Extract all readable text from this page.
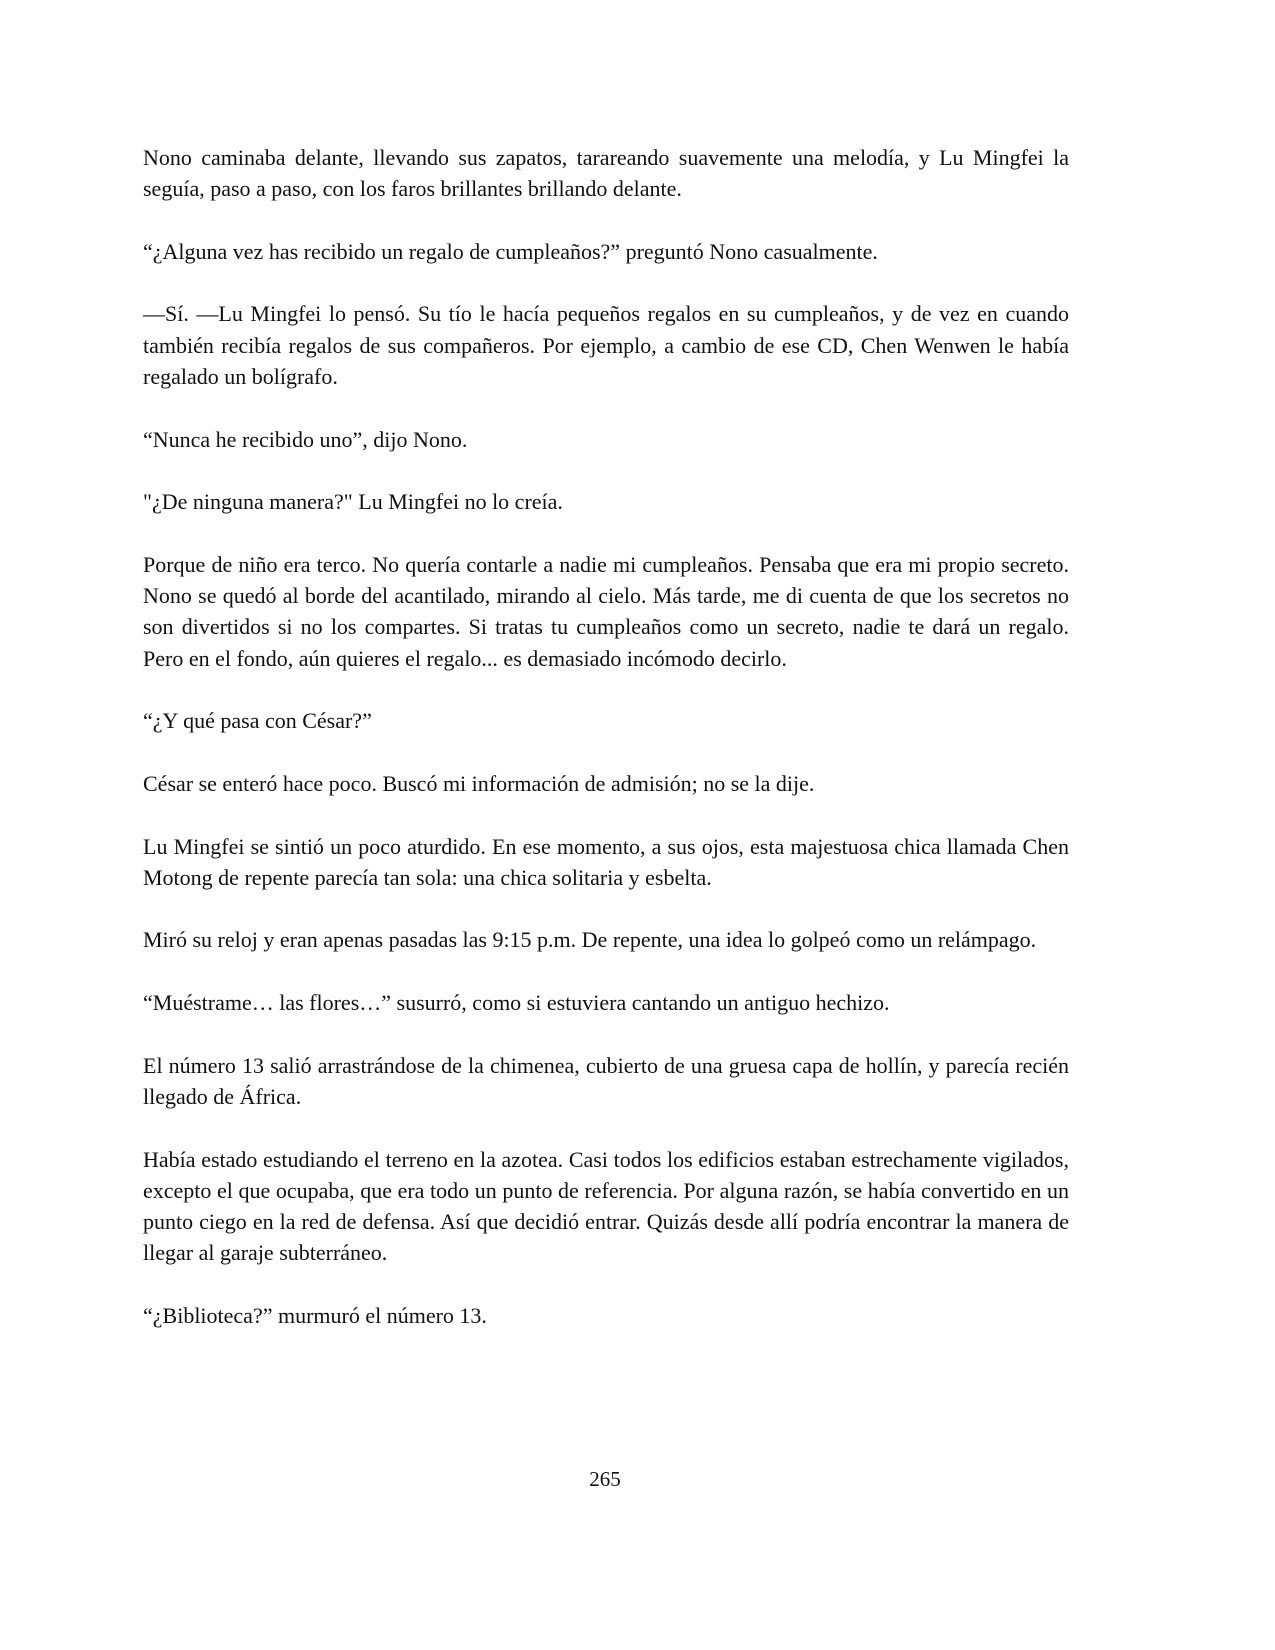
Nono caminaba delante, llevando sus zapatos, tarareando suavemente una melodía, y Lu Mingfei la seguía, paso a paso, con los faros brillantes brillando delante.

“¿Alguna vez has recibido un regalo de cumpleaños?” preguntó Nono casualmente.

—Sí. —Lu Mingfei lo pensó. Su tío le hacía pequeños regalos en su cumpleaños, y de vez en cuando también recibía regalos de sus compañeros. Por ejemplo, a cambio de ese CD, Chen Wenwen le había regalado un bolígrafo.

“Nunca he recibido uno”, dijo Nono.

"¿De ninguna manera?" Lu Mingfei no lo creía.

Porque de niño era terco. No quería contarle a nadie mi cumpleaños. Pensaba que era mi propio secreto. Nono se quedó al borde del acantilado, mirando al cielo. Más tarde, me di cuenta de que los secretos no son divertidos si no los compartes. Si tratas tu cumpleaños como un secreto, nadie te dará un regalo. Pero en el fondo, aún quieres el regalo... es demasiado incómodo decirlo.

“¿Y qué pasa con César?”

César se enteró hace poco. Buscó mi información de admisión; no se la dije.

Lu Mingfei se sintió un poco aturdido. En ese momento, a sus ojos, esta majestuosa chica llamada Chen Motong de repente parecía tan sola: una chica solitaria y esbelta.

Miró su reloj y eran apenas pasadas las 9:15 p.m. De repente, una idea lo golpeó como un relámpago.

“Muéstrame… las flores…” susurró, como si estuviera cantando un antiguo hechizo.

El número 13 salió arrastrándose de la chimenea, cubierto de una gruesa capa de hollín, y parecía recién llegado de África.

Había estado estudiando el terreno en la azotea. Casi todos los edificios estaban estrechamente vigilados, excepto el que ocupaba, que era todo un punto de referencia. Por alguna razón, se había convertido en un punto ciego en la red de defensa. Así que decidió entrar. Quizás desde allí podría encontrar la manera de llegar al garaje subterráneo.

“¿Biblioteca?” murmuró el número 13.

265
